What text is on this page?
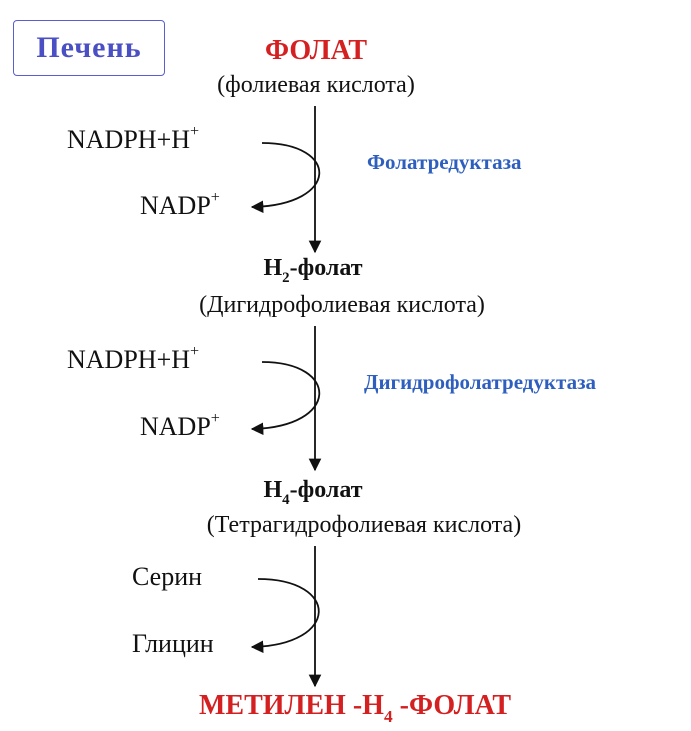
Печень	ФОЛАТ
(фолиевая кислота)
NADPH+H+
NADP+
Фолатредуктаза
$H_2$-фолат
(Дигидрофолиевая кислота)
NADPH+H+
NADP+
Дигидрофолатредуктаза
$H_4$-фолат
(Тетрагидрофолиевая кислота)
Серин
Глицин
МЕТИЛЕН $-H_4$ -ФОЛАТ
